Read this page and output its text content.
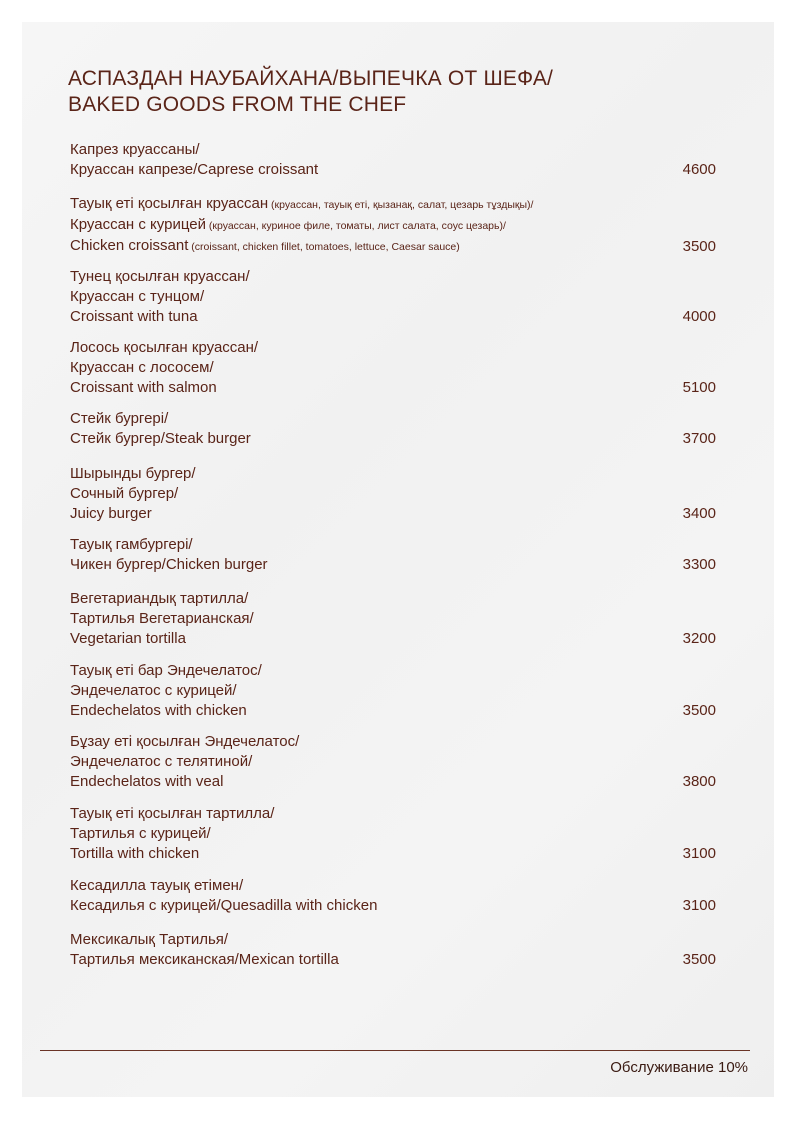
АСПАЗДАН НАУБАЙХАНА/ВЫПЕЧКА ОТ ШЕФА/
BAKED GOODS FROM THE CHEF
Капрез круассаны/
Круассан капрезе/Caprese croissant	4600
Тауық еті қосылған круассан (круассан, тауық еті, қызанақ, салат, цезарь тұздықы)/
Круассан с курицей (круассан, куриное филе, томаты, лист салата, соус цезарь)/
Chicken croissant (croissant, chicken fillet, tomatoes, lettuce, Caesar sauce)	3500
Тунец қосылған круассан/
Круассан с тунцом/
Croissant with tuna	4000
Лосось қосылған круассан/
Круассан с лососем/
Croissant with salmon	5100
Стейк бургері/
Стейк бургер/Steak burger	3700
Шырынды бургер/
Сочный бургер/
Juicy burger	3400
Тауық гамбургері/
Чикен бургер/Chicken burger	3300
Вегетариандық тартилла/
Тартилья Вегетарианская/
Vegetarian tortilla	3200
Тауық еті бар Эндечелатос/
Эндечелатос с курицей/
Endechelatos with chicken	3500
Бұзау еті қосылған Эндечелатос/
Эндечелатос с телятиной/
Endechelatos with veal	3800
Тауық еті қосылған тартилла/
Тартилья с курицей/
Tortilla with chicken	3100
Кесадилла тауық етімен/
Кесадилья с курицей/Quesadilla with chicken	3100
Мексикалық Тартилья/
Тартилья мексиканская/Mexican tortilla	3500
Обслуживание 10%
